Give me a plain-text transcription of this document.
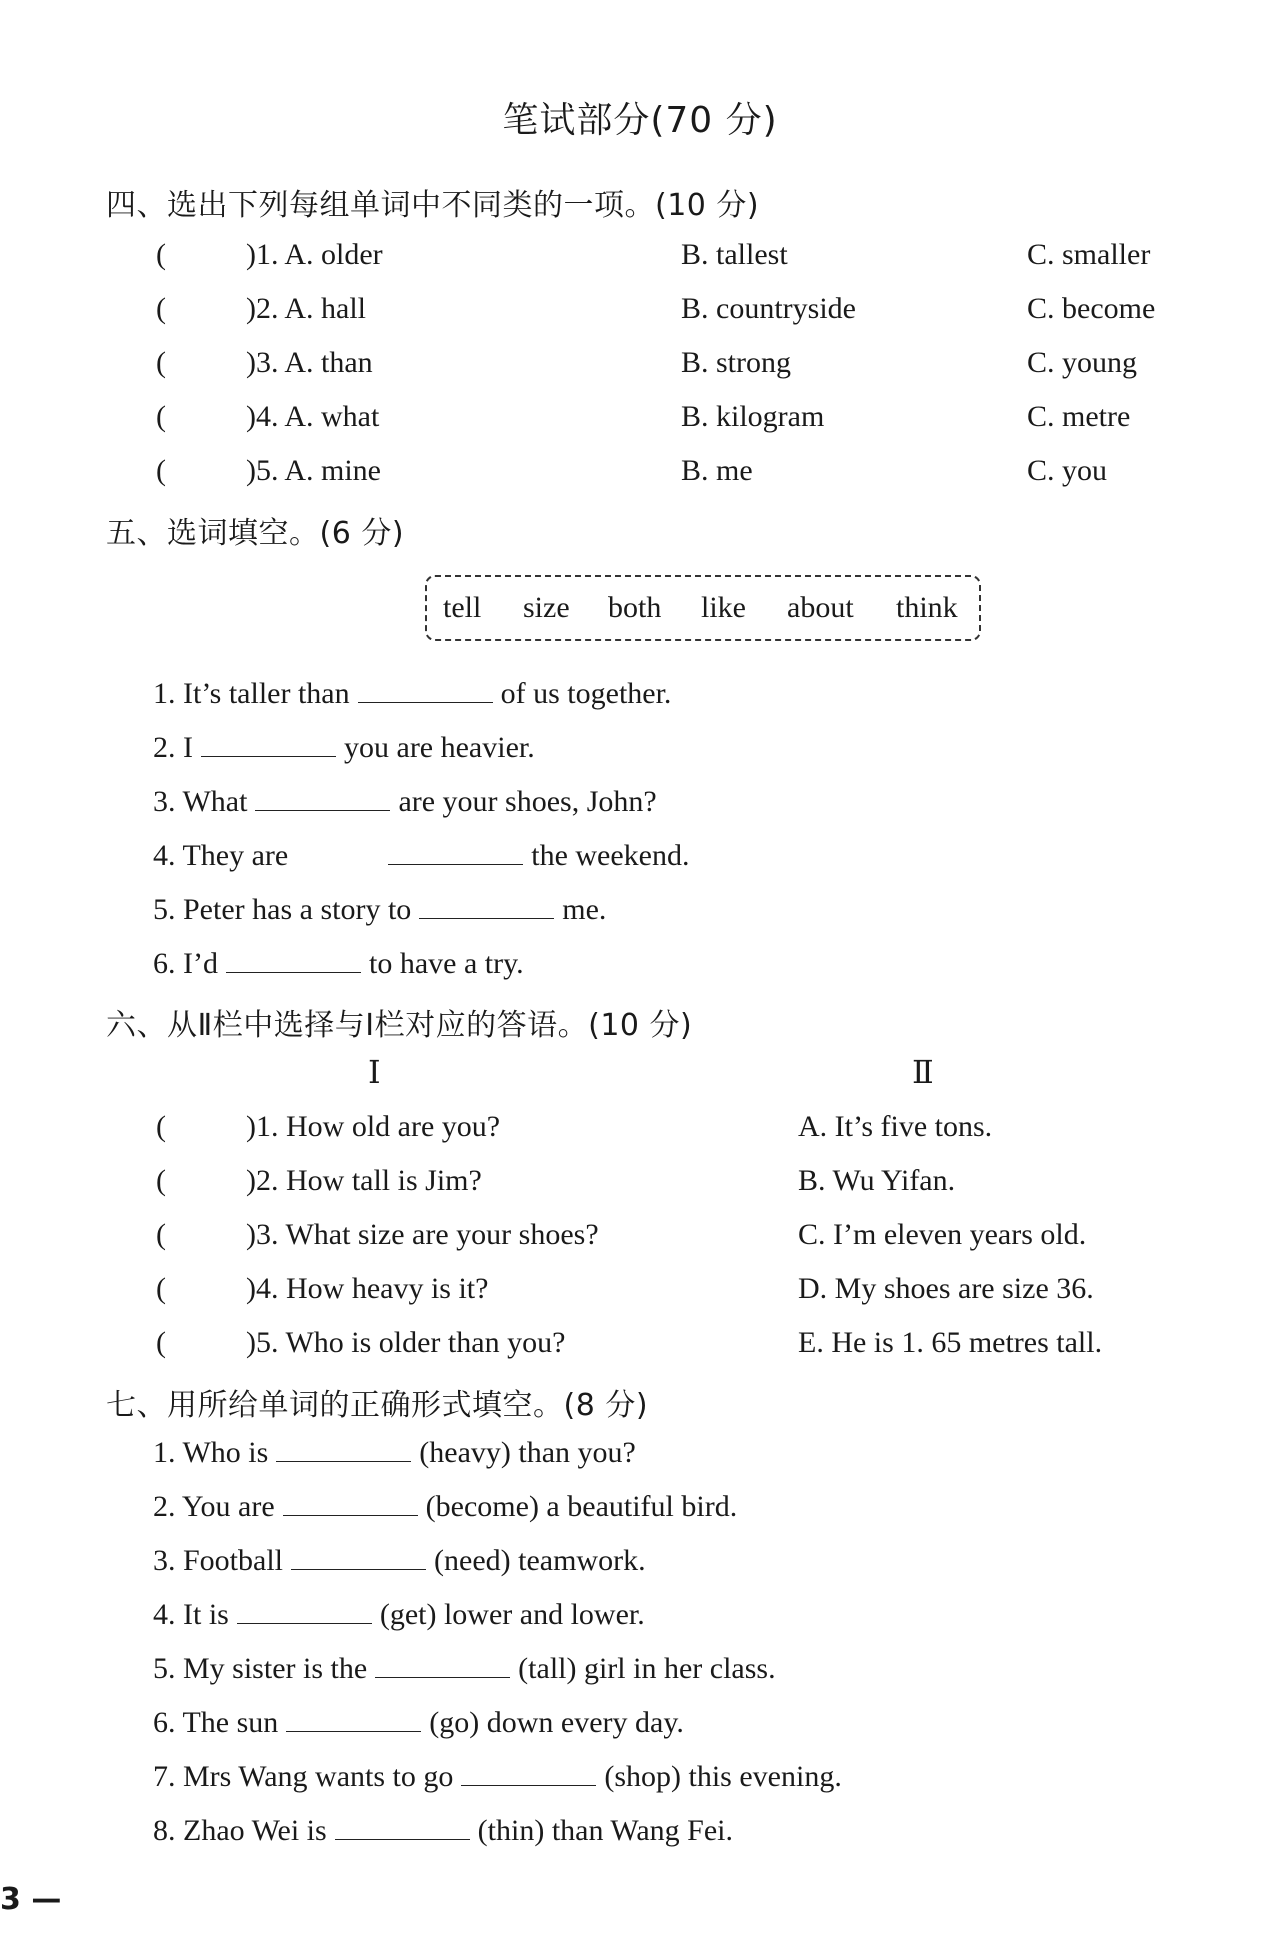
笔试部分(70 分)
四、选出下列每组单词中不同类的一项。(10 分)
(	)1. A. older	B. tallest	C. smaller
(	)2. A. hall	B. countryside	C. become
(	)3. A. than	B. strong	C. young
(	)4. A. what	B. kilogram	C. metre
(	)5. A. mine	B. me	C. you
五、选词填空。(6 分)
tell size both like about think
1. It’s taller than	of us together.
2. I	you are heavier.
3. What	are your shoes, John?
4. They are	the weekend.
5. Peter has a story to	me.
6. I’d	to have a try.
六、从Ⅱ栏中选择与Ⅰ栏对应的答语。(10 分)
Ⅰ	Ⅱ
(	)1. How old are you?	A. It’s five tons.
(	)2. How tall is Jim?	B. Wu Yifan.
(	)3. What size are your shoes?	C. I’m eleven years old.
(	)4. How heavy is it?	D. My shoes are size 36.
(	)5. Who is older than you?	E. He is 1. 65 metres tall.
七、用所给单词的正确形式填空。(8 分)
1. Who is	(heavy) than you?
2. You are	(become) a beautiful bird.
3. Football	(need) teamwork.
4. It is	(get) lower and lower.
5. My sister is the	(tall) girl in her class.
6. The sun	(go) down every day.
7. Mrs Wang wants to go	(shop) this evening.
8. Zhao Wei is	(thin) than Wang Fei.
3 —
